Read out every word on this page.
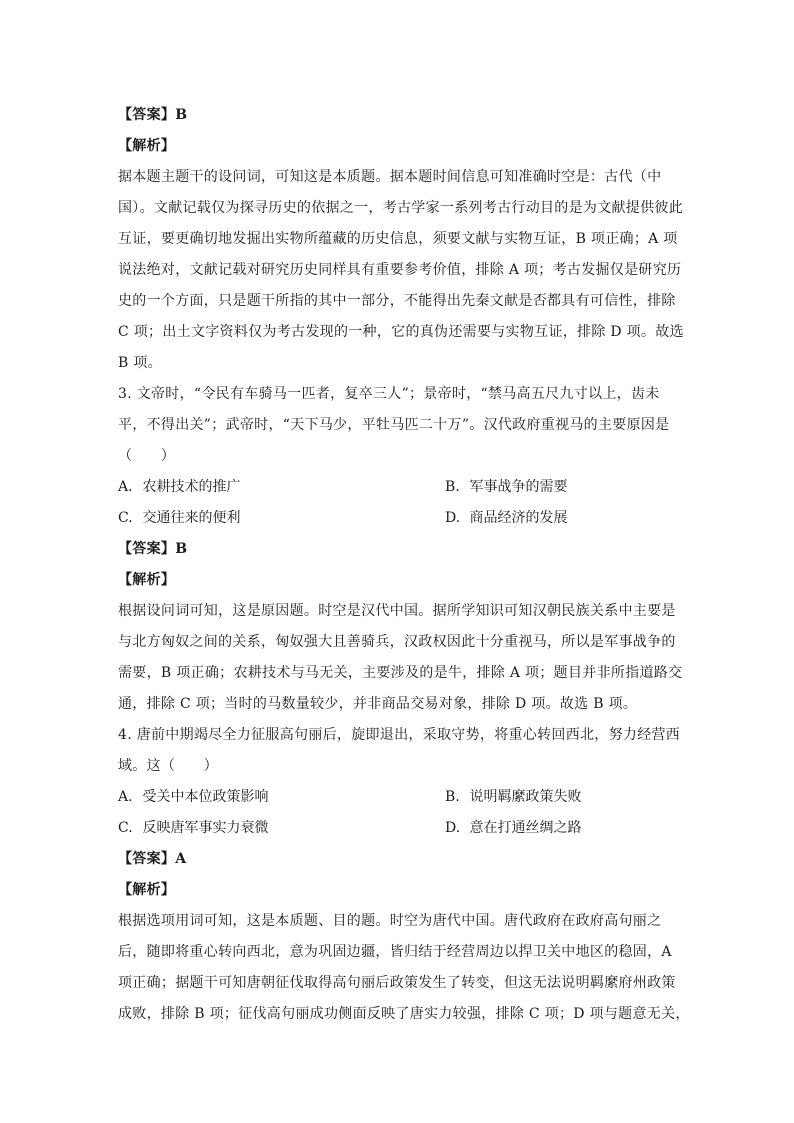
【答案】B
【解析】
据本题主题干的设问词，可知这是本质题。据本题时间信息可知准确时空是：古代（中
国）。文献记载仅为探寻历史的依据之一，考古学家一系列考古行动目的是为文献提供彼此
互证，要更确切地发掘出实物所蕴藏的历史信息，须要文献与实物互证，B 项正确；A 项
说法绝对，文献记载对研究历史同样具有重要参考价值，排除 A 项；考古发掘仅是研究历
史的一个方面，只是题干所指的其中一部分，不能得出先秦文献是否都具有可信性，排除
C 项；出土文字资料仅为考古发现的一种，它的真伪还需要与实物互证，排除 D 项。故选
B 项。
3. 文帝时，“令民有车骑马一匹者，复卒三人”；景帝时，“禁马高五尺九寸以上，齿未
平，不得出关”；武帝时，“天下马少，平牡马匹二十万”。汉代政府重视马的主要原因是
（　　）
A. 农耕技术的推广	B. 军事战争的需要
C. 交通往来的便利	D. 商品经济的发展
【答案】B
【解析】
根据设问词可知，这是原因题。时空是汉代中国。据所学知识可知汉朝民族关系中主要是
与北方匈奴之间的关系，匈奴强大且善骑兵，汉政权因此十分重视马，所以是军事战争的
需要，B 项正确；农耕技术与马无关，主要涉及的是牛，排除 A 项；题目并非所指道路交
通，排除 C 项；当时的马数量较少，并非商品交易对象，排除 D 项。故选 B 项。
4. 唐前中期竭尽全力征服高句丽后，旋即退出，采取守势，将重心转回西北，努力经营西
域。这（　　）
A. 受关中本位政策影响	B. 说明羁縻政策失败
C. 反映唐军事实力衰微	D. 意在打通丝绸之路
【答案】A
【解析】
根据选项用词可知，这是本质题、目的题。时空为唐代中国。唐代政府在政府高句丽之
后，随即将重心转向西北，意为巩固边疆，皆归结于经营周边以捍卫关中地区的稳固，A
项正确；据题干可知唐朝征伐取得高句丽后政策发生了转变，但这无法说明羁縻府州政策
成败，排除 B 项；征伐高句丽成功侧面反映了唐实力较强，排除 C 项；D 项与题意无关，
